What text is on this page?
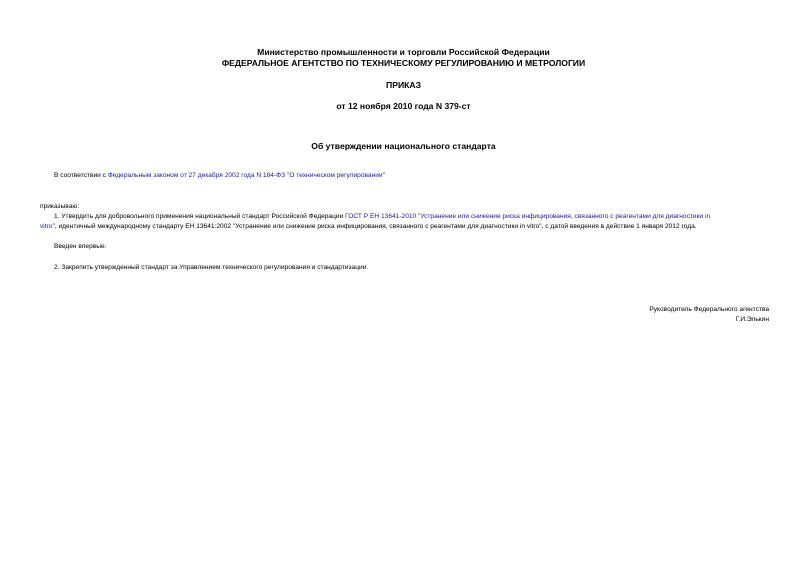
Министерство промышленности и торговли Российской Федерации
ФЕДЕРАЛЬНОЕ АГЕНТСТВО ПО ТЕХНИЧЕСКОМУ РЕГУЛИРОВАНИЮ И МЕТРОЛОГИИ
ПРИКАЗ
от 12 ноября 2010 года N 379-ст
Об утверждении национального стандарта
В соответствии с Федеральным законом от 27 декабря 2002 года N 184-ФЗ "О техническом регулировании"
приказываю:
1. Утвердить для добровольного применения национальный стандарт Российской Федерации ГОСТ Р ЕН 13641-2010 "Устранение или снижение риска инфицирования, связанного с реагентами для диагностики in
vitro", идентичный международному стандарту ЕН 13641:2002 "Устранение или снижение риска инфицирования, связанного с реагентами для диагностики in vitro", с датой введения в действие 1 января 2012 года.
Введен впервые.
2. Закрепить утвержденный стандарт за Управлением технического регулирования и стандартизации.
Руководитель Федерального агентства
Г.И.Элькин
